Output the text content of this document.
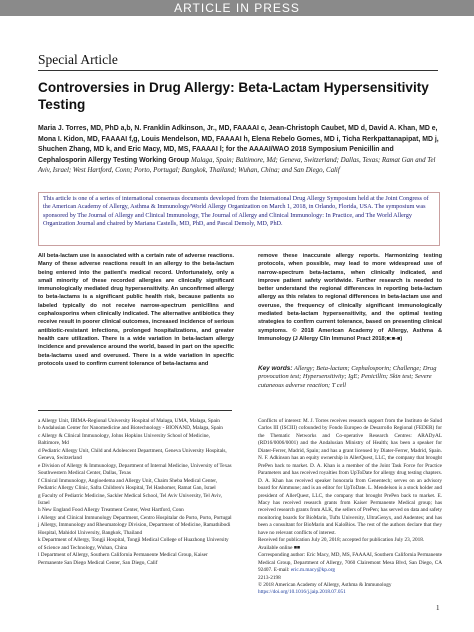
ARTICLE IN PRESS
Special Article
Controversies in Drug Allergy: Beta-Lactam Hypersensitivity Testing
Maria J. Torres, MD, PhD a,b, N. Franklin Adkinson, Jr., MD, FAAAAI c, Jean-Christoph Caubet, MD d, David A. Khan, MD e, Mona I. Kidon, MD, FAAAAI f,g, Louis Mendelson, MD, FAAAAI h, Elena Rebelo Gomes, MD i, Ticha Rerkpattanapipat, MD j, Shuchen Zhang, MD k, and Eric Macy, MD, MS, FAAAAI l; for the AAAAI/WAO 2018 Symposium Penicillin and Cephalosporin Allergy Testing Working Group Malaga, Spain; Baltimore, Md; Geneva, Switzerland; Dallas, Texas; Ramat Gan and Tel Aviv, Israel; West Hartford, Conn; Porto, Portugal; Bangkok, Thailand; Wuhan, China; and San Diego, Calif
This article is one of a series of international consensus documents developed from the International Drug Allergy Symposium held at the Joint Congress of the American Academy of Allergy, Asthma & Immunology/World Allergy Organization on March 1, 2018, in Orlando, Florida, USA. The symposium was sponsored by The Journal of Allergy and Clinical Immunology, The Journal of Allergy and Clinical Immunology: In Practice, and The World Allergy Organization Journal and chaired by Mariana Castells, MD, PhD, and Pascal Demoly, MD, PhD.

All beta-lactam use is associated with a certain rate of adverse reactions. Many of these adverse reactions result in an allergy to the beta-lactam being entered into the patient's medical record. Unfortunately, only a small minority of these recorded allergies are clinically significant immunologically mediated drug hypersensitivity. An unconfirmed allergy to beta-lactams is a significant public health risk, because patients so labeled typically do not receive narrow-spectrum penicillins and cephalosporins when clinically indicated. The alternative antibiotics they receive result in poorer clinical outcomes, increased incidence of serious antibiotic-resistant infections, prolonged hospitalizations, and greater health care utilization. There is a wide variation in beta-lactam allergy incidence and prevalence around the world, based in part on the specific beta-lactams used and overused. There is a wide variation in specific protocols used to confirm current tolerance of beta-lactams and

remove these inaccurate allergy reports. Harmonizing testing protocols, when possible, may lead to more widespread use of narrow-spectrum beta-lactams, when clinically indicated, and improve patient safety worldwide. Further research is needed to better understand the regional differences in reporting beta-lactam allergy as this relates to regional differences in beta-lactam use and overuse, the frequency of clinically significant immunologically mediated beta-lactam hypersensitivity, and the optimal testing strategies to confirm current tolerance, based on presenting clinical symptoms. © 2018 American Academy of Allergy, Asthma & Immunology (J Allergy Clin Immunol Pract 2018;■:■-■)

Key words: Allergy; Beta-lactam; Cephalosporin; Challenge; Drug provocation test; Hypersensitivity; IgE; Penicillin; Skin test; Severe cutaneous adverse reaction; T cell

a Allergy Unit, IBIMA-Regional University Hospital of Malaga, UMA, Malaga, Spain
b Andalusian Center for Nanomedicine and Biotechnology - BIONAND, Malaga, Spain
c Allergy & Clinical Immunology, Johns Hopkins University School of Medicine, Baltimore, Md
d Pediatric Allergy Unit, Child and Adolescent Department, Geneva University Hospitals, Geneva, Switzerland
e Division of Allergy & Immunology, Department of Internal Medicine, University of Texas Southwestern Medical Center, Dallas, Texas
f Clinical Immunology, Angioedema and Allergy Unit, Chaim Sheba Medical Center, Pediatric Allergy Clinic, Safra Children's Hospital, Tel Hashomer, Ramat Gan, Israel
g Faculty of Pediatric Medicine, Sackler Medical School, Tel Aviv University, Tel Aviv, Israel
h New England Food Allergy Treatment Center, West Hartford, Conn
i Allergy and Clinical Immunology Department, Centro Hospitalar do Porto, Porto, Portugal
j Allergy, Immunology and Rheumatology Division, Department of Medicine, Ramathibodi Hospital, Mahidol University, Bangkok, Thailand
k Department of Allergy, Tongji Hospital, Tongji Medical College of Huazhong University of Science and Technology, Wuhan, China
l Department of Allergy, Southern California Permanente Medical Group, Kaiser Permanente San Diego Medical Center, San Diego, Calif

Conflicts of interest: M. J. Torres receives research support from the Instituto de Salud Carlos III (ISCIII) cofounded by Fondo Europeo de Desarrollo Regional (FEDER) for the Thematic Networks and Co-operative Research Centres: ARADyAL (RD16/0006/0001) and the Andalusian Ministry of Health; has been a speaker for Diater-Ferrer, Madrid, Spain; and has a grant licensed by Diater-Ferrer, Madrid, Spain. N. F. Adkinson has an equity ownership in AllerQuest, LLC, the company that brought PrePen back to market. D. A. Khan is a member of the Joint Task Force for Practice Parameters and has received royalties from UpToDate for allergy drug testing chapters. D. A. Khan has received speaker honoraria from Genentech; serves on an advisory board for Aimmune; and is an editor for UpToDate. L. Mendelson is a stock holder and president of AllerQuest, LLC, the company that brought PrePen back to market. E. Macy has received research grants from Kaiser Permanente Medical group; has received research grants from ALK, the sellers of PrePen; has served on data and safety monitoring boards for BioMarin, Tufts University, UltraGenyx, and Audentes; and has been a consultant for BioMarin and KaloBios. The rest of the authors declare that they have no relevant conflicts of interest.

Received for publication July 20, 2018; accepted for publication July 23, 2018.

Available online ■■

Corresponding author: Eric Macy, MD, MS, FAAAAI, Southern California Permanente Medical Group, Department of Allergy, 7060 Clairemont Mesa Blvd, San Diego, CA 92407. E-mail: eric.m.macy@kp.org

2213-2198

© 2018 American Academy of Allergy, Asthma & Immunology

https://doi.org/10.1016/j.jaip.2018.07.051

1
